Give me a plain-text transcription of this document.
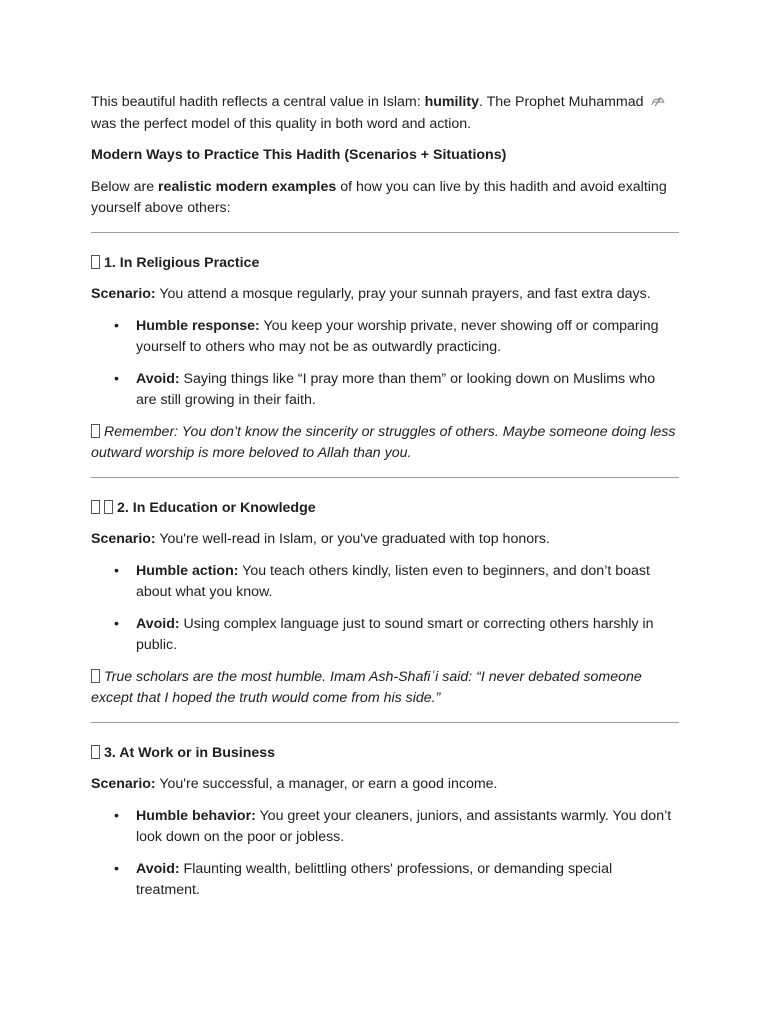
This beautiful hadith reflects a central value in Islam: humility. The Prophet Muhammad  was the perfect model of this quality in both word and action.

Modern Ways to Practice This Hadith (Scenarios + Situations)

Below are realistic modern examples of how you can live by this hadith and avoid exalting yourself above others:

1. In Religious Practice

Scenario: You attend a mosque regularly, pray your sunnah prayers, and fast extra days.

• Humble response: You keep your worship private, never showing off or comparing yourself to others who may not be as outwardly practicing.
• Avoid: Saying things like “I pray more than them” or looking down on Muslims who are still growing in their faith.

Remember: You don’t know the sincerity or struggles of others. Maybe someone doing less outward worship is more beloved to Allah than you.

2. In Education or Knowledge

Scenario: You're well-read in Islam, or you've graduated with top honors.

• Humble action: You teach others kindly, listen even to beginners, and don’t boast about what you know.
• Avoid: Using complex language just to sound smart or correcting others harshly in public.

True scholars are the most humble. Imam Ash-Shafiʿi said: “I never debated someone except that I hoped the truth would come from his side.”

3. At Work or in Business

Scenario: You're successful, a manager, or earn a good income.

• Humble behavior: You greet your cleaners, juniors, and assistants warmly. You don’t look down on the poor or jobless.
• Avoid: Flaunting wealth, belittling others' professions, or demanding special treatment.
